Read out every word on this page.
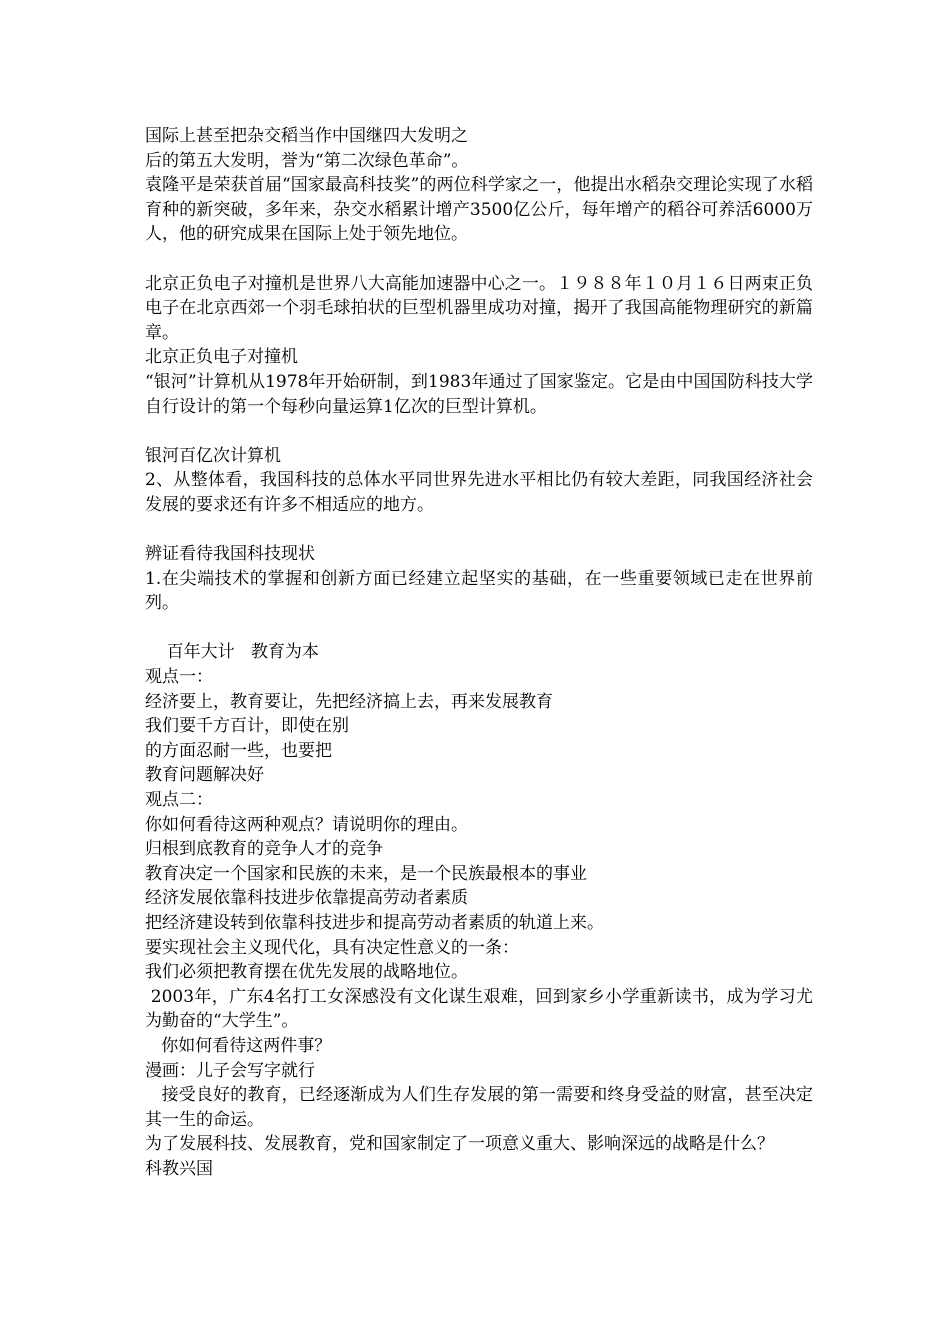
国际上甚至把杂交稻当作中国继四大发明之

后的第五大发明，誉为“第二次绿色革命”。

袁隆平是荣获首届“国家最高科技奖”的两位科学家之一，他提出水稻杂交理论实现了水稻育种的新突破，多年来，杂交水稻累计增产3500亿公斤，每年增产的稻谷可养活6000万人，他的研究成果在国际上处于领先地位。

北京正负电子对撞机是世界八大高能加速器中心之一。１９８８年１０月１６日两束正负电子在北京西郊一个羽毛球拍状的巨型机器里成功对撞，揭开了我国高能物理研究的新篇章。

北京正负电子对撞机

“银河”计算机从1978年开始研制，到1983年通过了国家鉴定。它是由中国国防科技大学自行设计的第一个每秒向量运算1亿次的巨型计算机。

银河百亿次计算机

2、从整体看，我国科技的总体水平同世界先进水平相比仍有较大差距，同我国经济社会发展的要求还有许多不相适应的地方。

辨证看待我国科技现状

1.在尖端技术的掌握和创新方面已经建立起坚实的基础，在一些重要领域已走在世界前列。

百年大计   教育为本

观点一：

经济要上，教育要让，先把经济搞上去，再来发展教育

我们要千方百计，即使在别

的方面忍耐一些，也要把

教育问题解决好

观点二：

你如何看待这两种观点？请说明你的理由。

归根到底教育的竞争人才的竞争

教育决定一个国家和民族的未来，是一个民族最根本的事业

经济发展依靠科技进步依靠提高劳动者素质

把经济建设转到依靠科技进步和提高劳动者素质的轨道上来。

要实现社会主义现代化，具有决定性意义的一条：

我们必须把教育摆在优先发展的战略地位。

2003年，广东4名打工女深感没有文化谋生艰难，回到家乡小学重新读书，成为学习尤为勤奋的“大学生”。

你如何看待这两件事？

漫画：儿子会写字就行

接受良好的教育，已经逐渐成为人们生存发展的第一需要和终身受益的财富，甚至决定其一生的命运。

为了发展科技、发展教育，党和国家制定了一项意义重大、影响深远的战略是什么？

科教兴国
